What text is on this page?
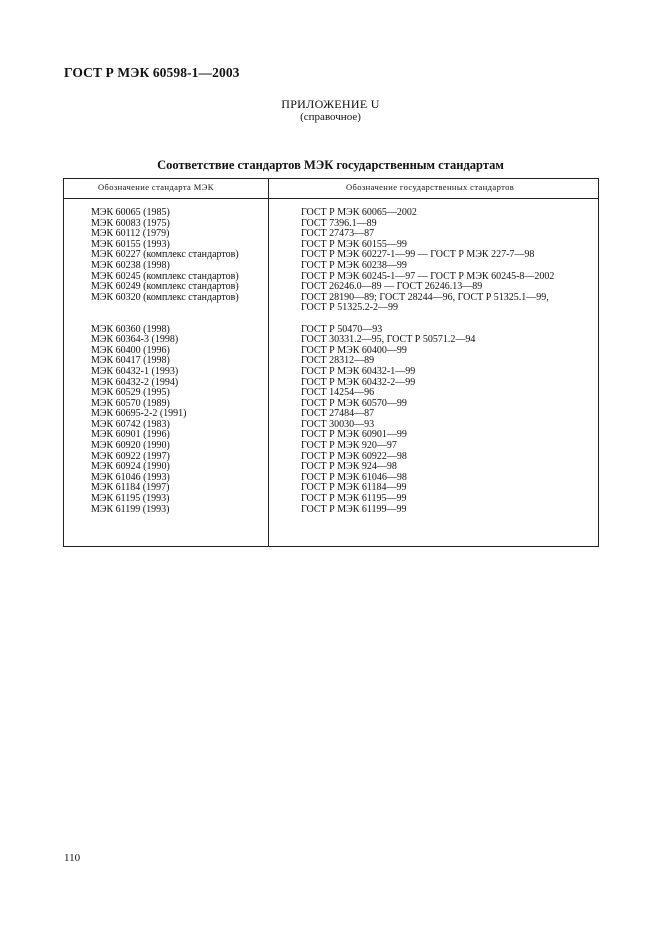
ГОСТ Р МЭК 60598-1—2003
ПРИЛОЖЕНИЕ U
(справочное)
Соответствие стандартов МЭК государственным стандартам
Обозначение стандарта МЭК	Обозначение государственных стандартов
МЭК 60065 (1985)	ГОСТ Р МЭК 60065—2002
МЭК 60083 (1975)	ГОСТ 7396.1—89
МЭК 60112 (1979)	ГОСТ 27473—87
МЭК 60155 (1993)	ГОСТ Р МЭК 60155—99
МЭК 60227 (комплекс стандартов)	ГОСТ Р МЭК 60227-1—99 — ГОСТ Р МЭК 227-7—98
МЭК 60238 (1998)	ГОСТ Р МЭК 60238—99
МЭК 60245 (комплекс стандартов)	ГОСТ Р МЭК 60245-1—97 — ГОСТ Р МЭК 60245-8—2002
МЭК 60249 (комплекс стандартов)	ГОСТ 26246.0—89 — ГОСТ 26246.13—89
МЭК 60320 (комплекс стандартов)	ГОСТ 28190—89; ГОСТ 28244—96, ГОСТ Р 51325.1—99,
ГОСТ Р 51325.2-2—99
МЭК 60360 (1998)	ГОСТ Р 50470—93
МЭК 60364-3 (1998)	ГОСТ 30331.2—95, ГОСТ Р 50571.2—94
МЭК 60400 (1996)	ГОСТ Р МЭК 60400—99
МЭК 60417 (1998)	ГОСТ 28312—89
МЭК 60432-1 (1993)	ГОСТ Р МЭК 60432-1—99
МЭК 60432-2 (1994)	ГОСТ Р МЭК 60432-2—99
МЭК 60529 (1995)	ГОСТ 14254—96
МЭК 60570 (1989)	ГОСТ Р МЭК 60570—99
МЭК 60695-2-2 (1991)	ГОСТ 27484—87
МЭК 60742 (1983)	ГОСТ 30030—93
МЭК 60901 (1996)	ГОСТ Р МЭК 60901—99
МЭК 60920 (1990)	ГОСТ Р МЭК 920—97
МЭК 60922 (1997)	ГОСТ Р МЭК 60922—98
МЭК 60924 (1990)	ГОСТ Р МЭК 924—98
МЭК 61046 (1993)	ГОСТ Р МЭК 61046—98
МЭК 61184 (1997)	ГОСТ Р МЭК 61184—99
МЭК 61195 (1993)	ГОСТ Р МЭК 61195—99
МЭК 61199 (1993)	ГОСТ Р МЭК 61199—99
110
